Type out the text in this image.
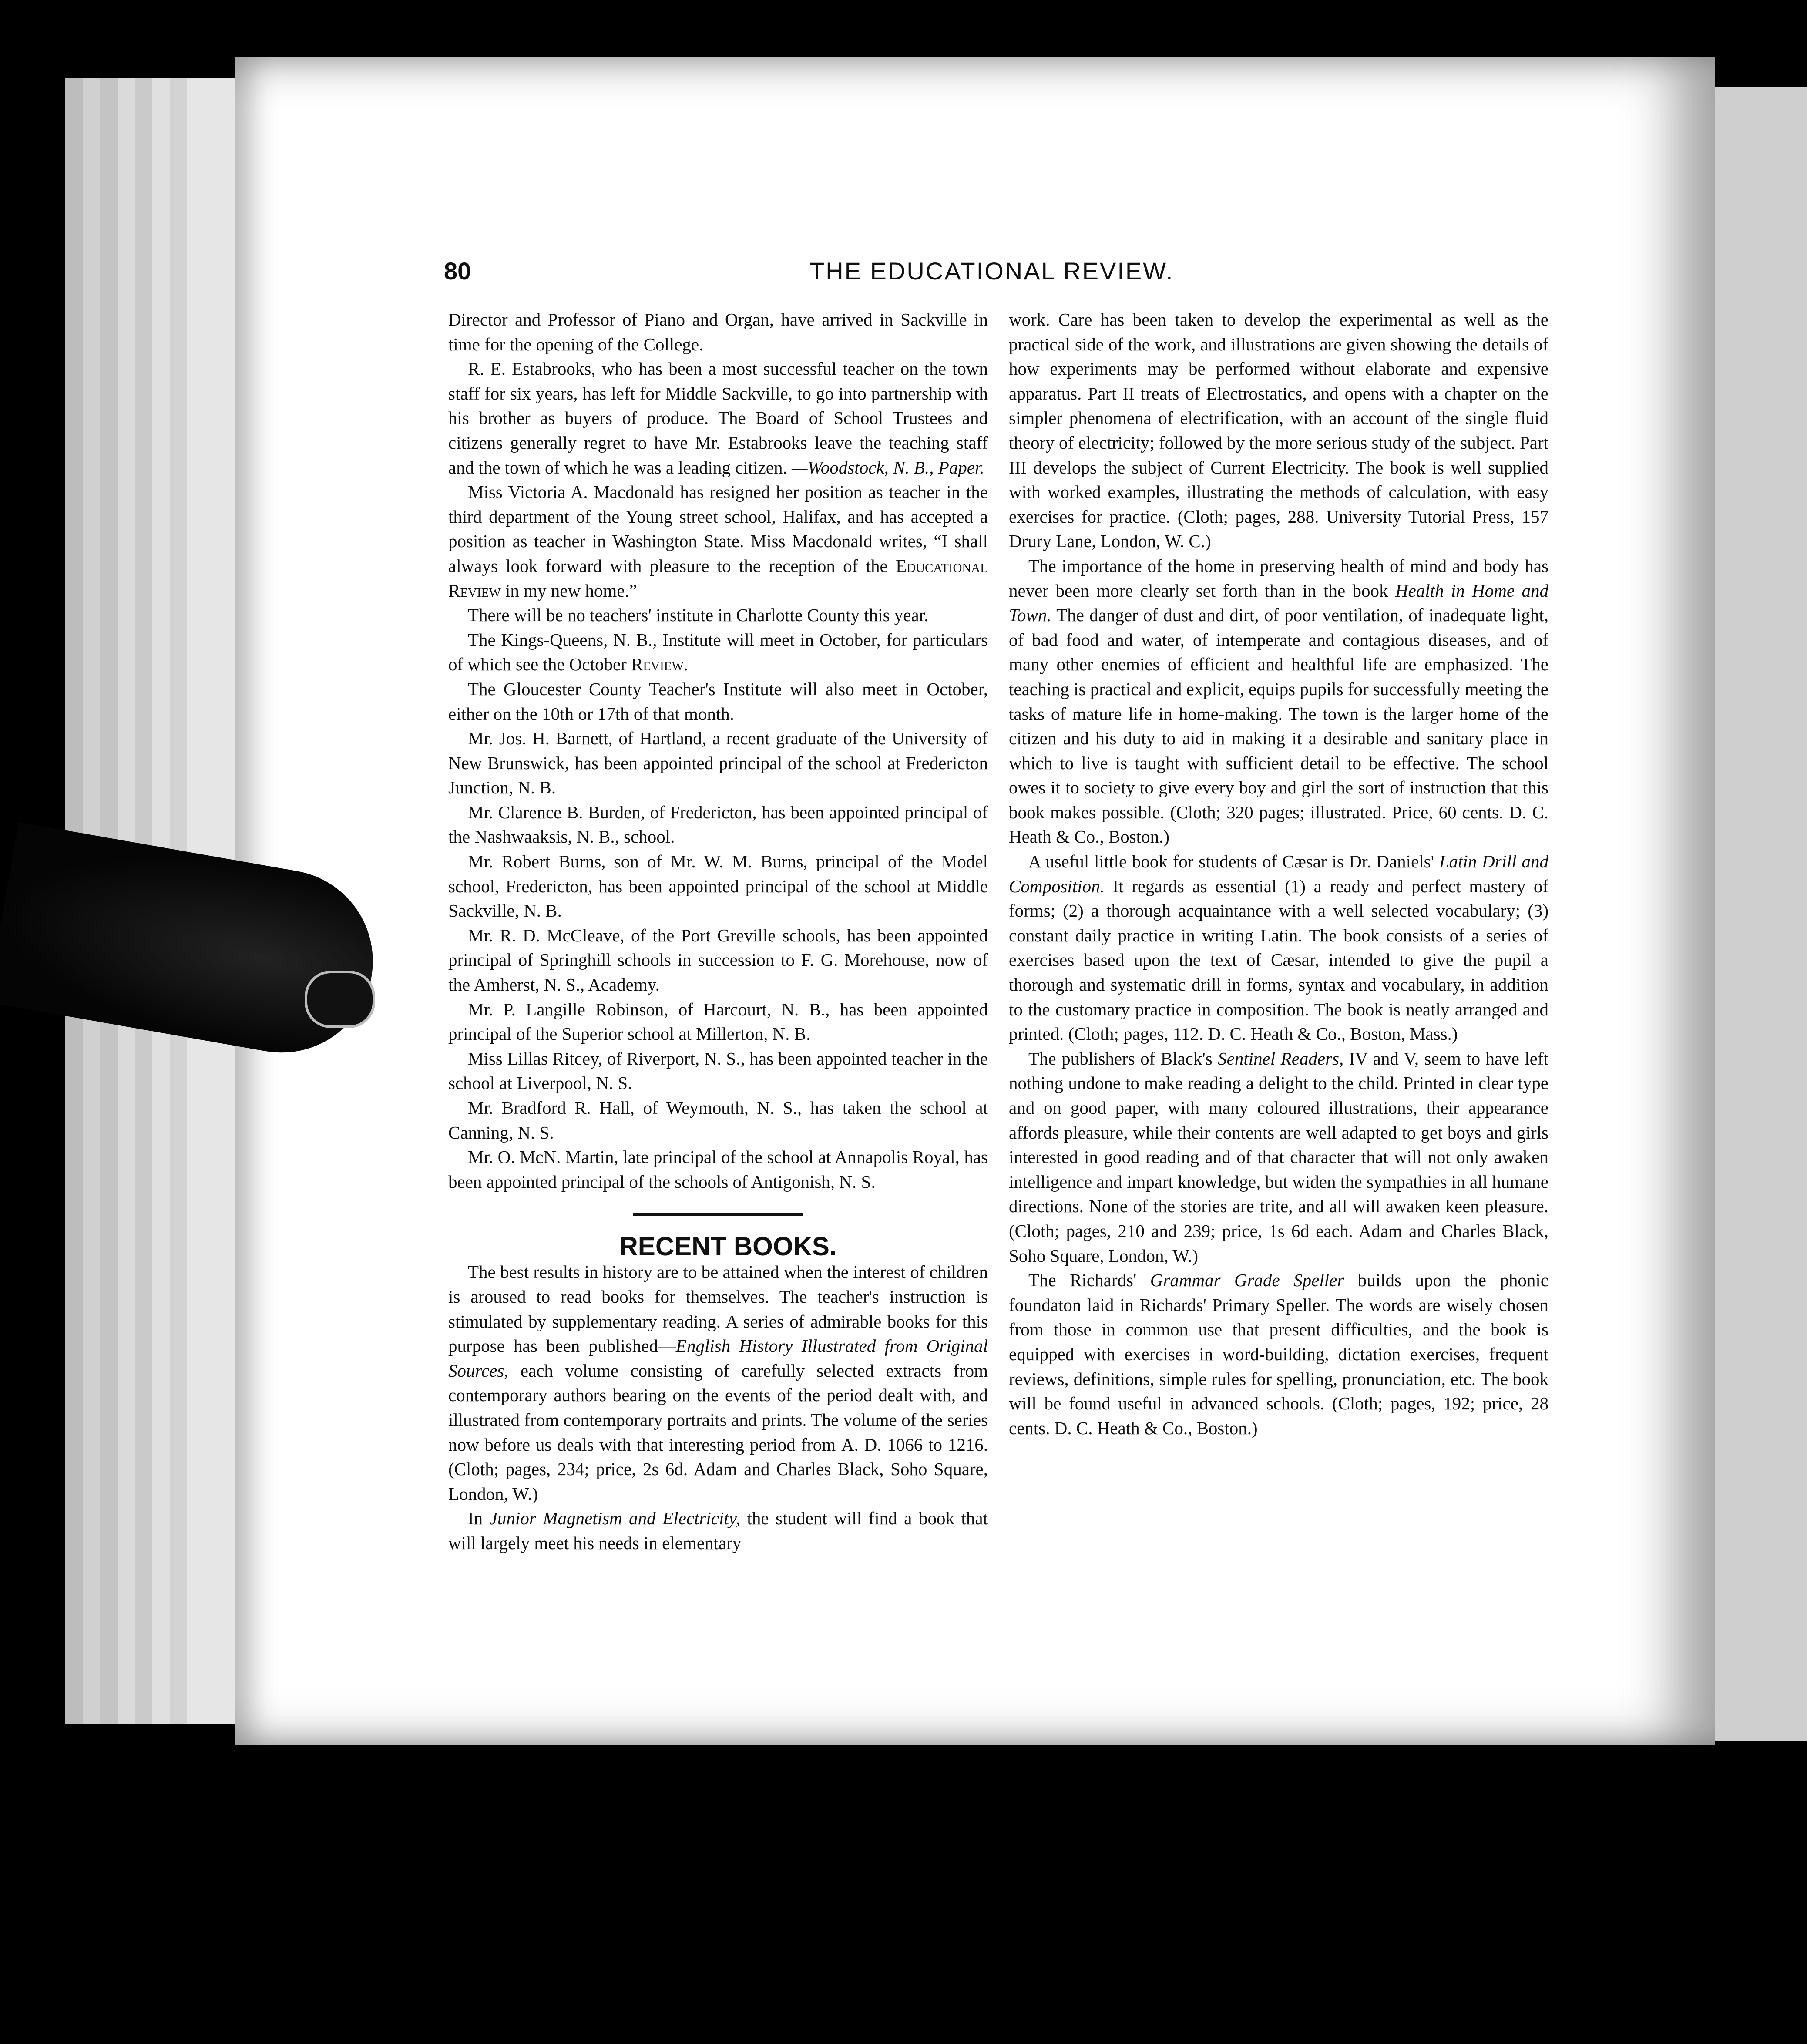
80	THE EDUCATIONAL REVIEW.

Director and Professor of Piano and Organ, have arrived in Sackville in time for the opening of the College.

R. E. Estabrooks, who has been a most successful teacher on the town staff for six years, has left for Middle Sackville, to go into partnership with his brother as buyers of produce. The Board of School Trustees and citizens generally regret to have Mr. Estabrooks leave the teaching staff and the town of which he was a leading citizen. —Woodstock, N. B., Paper.

Miss Victoria A. Macdonald has resigned her position as teacher in the third department of the Young street school, Halifax, and has accepted a position as teacher in Washington State. Miss Macdonald writes, “I shall always look forward with pleasure to the reception of the Educational Review in my new home.”

There will be no teachers' institute in Charlotte County this year.

The Kings-Queens, N. B., Institute will meet in October, for particulars of which see the October Review.

The Gloucester County Teacher's Institute will also meet in October, either on the 10th or 17th of that month.

Mr. Jos. H. Barnett, of Hartland, a recent graduate of the University of New Brunswick, has been appointed principal of the school at Fredericton Junction, N. B.

Mr. Clarence B. Burden, of Fredericton, has been appointed principal of the Nashwaaksis, N. B., school.

Mr. Robert Burns, son of Mr. W. M. Burns, principal of the Model school, Fredericton, has been appointed principal of the school at Middle Sackville, N. B.

Mr. R. D. McCleave, of the Port Greville schools, has been appointed principal of Springhill schools in succession to F. G. Morehouse, now of the Amherst, N. S., Academy.

Mr. P. Langille Robinson, of Harcourt, N. B., has been appointed principal of the Superior school at Millerton, N. B.

Miss Lillas Ritcey, of Riverport, N. S., has been appointed teacher in the school at Liverpool, N. S.

Mr. Bradford R. Hall, of Weymouth, N. S., has taken the school at Canning, N. S.

Mr. O. McN. Martin, late principal of the school at Annapolis Royal, has been appointed principal of the schools of Antigonish, N. S.

RECENT BOOKS.

The best results in history are to be attained when the interest of children is aroused to read books for themselves. The teacher's instruction is stimulated by supplementary reading. A series of admirable books for this purpose has been published—English History Illustrated from Original Sources, each volume consisting of carefully selected extracts from contemporary authors bearing on the events of the period dealt with, and illustrated from contemporary portraits and prints. The volume of the series now before us deals with that interesting period from A. D. 1066 to 1216. (Cloth; pages, 234; price, 2s 6d. Adam and Charles Black, Soho Square, London, W.)

In Junior Magnetism and Electricity, the student will find a book that will largely meet his needs in elementary

work. Care has been taken to develop the experimental as well as the practical side of the work, and illustrations are given showing the details of how experiments may be performed without elaborate and expensive apparatus. Part II treats of Electrostatics, and opens with a chapter on the simpler phenomena of electrification, with an account of the single fluid theory of electricity; followed by the more serious study of the subject. Part III develops the subject of Current Electricity. The book is well supplied with worked examples, illustrating the methods of calculation, with easy exercises for practice. (Cloth; pages, 288. University Tutorial Press, 157 Drury Lane, London, W. C.)

The importance of the home in preserving health of mind and body has never been more clearly set forth than in the book Health in Home and Town. The danger of dust and dirt, of poor ventilation, of inadequate light, of bad food and water, of intemperate and contagious diseases, and of many other enemies of efficient and healthful life are emphasized. The teaching is practical and explicit, equips pupils for successfully meeting the tasks of mature life in home-making. The town is the larger home of the citizen and his duty to aid in making it a desirable and sanitary place in which to live is taught with sufficient detail to be effective. The school owes it to society to give every boy and girl the sort of instruction that this book makes possible. (Cloth; 320 pages; illustrated. Price, 60 cents. D. C. Heath & Co., Boston.)

A useful little book for students of Cæsar is Dr. Daniels' Latin Drill and Composition. It regards as essential (1) a ready and perfect mastery of forms; (2) a thorough acquaintance with a well selected vocabulary; (3) constant daily practice in writing Latin. The book consists of a series of exercises based upon the text of Cæsar, intended to give the pupil a thorough and systematic drill in forms, syntax and vocabulary, in addition to the customary practice in composition. The book is neatly arranged and printed. (Cloth; pages, 112. D. C. Heath & Co., Boston, Mass.)

The publishers of Black's Sentinel Readers, IV and V, seem to have left nothing undone to make reading a delight to the child. Printed in clear type and on good paper, with many coloured illustrations, their appearance affords pleasure, while their contents are well adapted to get boys and girls interested in good reading and of that character that will not only awaken intelligence and impart knowledge, but widen the sympathies in all humane directions. None of the stories are trite, and all will awaken keen pleasure. (Cloth; pages, 210 and 239; price, 1s 6d each. Adam and Charles Black, Soho Square, London, W.)

The Richards' Grammar Grade Speller builds upon the phonic foundaton laid in Richards' Primary Speller. The words are wisely chosen from those in common use that present difficulties, and the book is equipped with exercises in word-building, dictation exercises, frequent reviews, definitions, simple rules for spelling, pronunciation, etc. The book will be found useful in advanced schools. (Cloth; pages, 192; price, 28 cents. D. C. Heath & Co., Boston.)
